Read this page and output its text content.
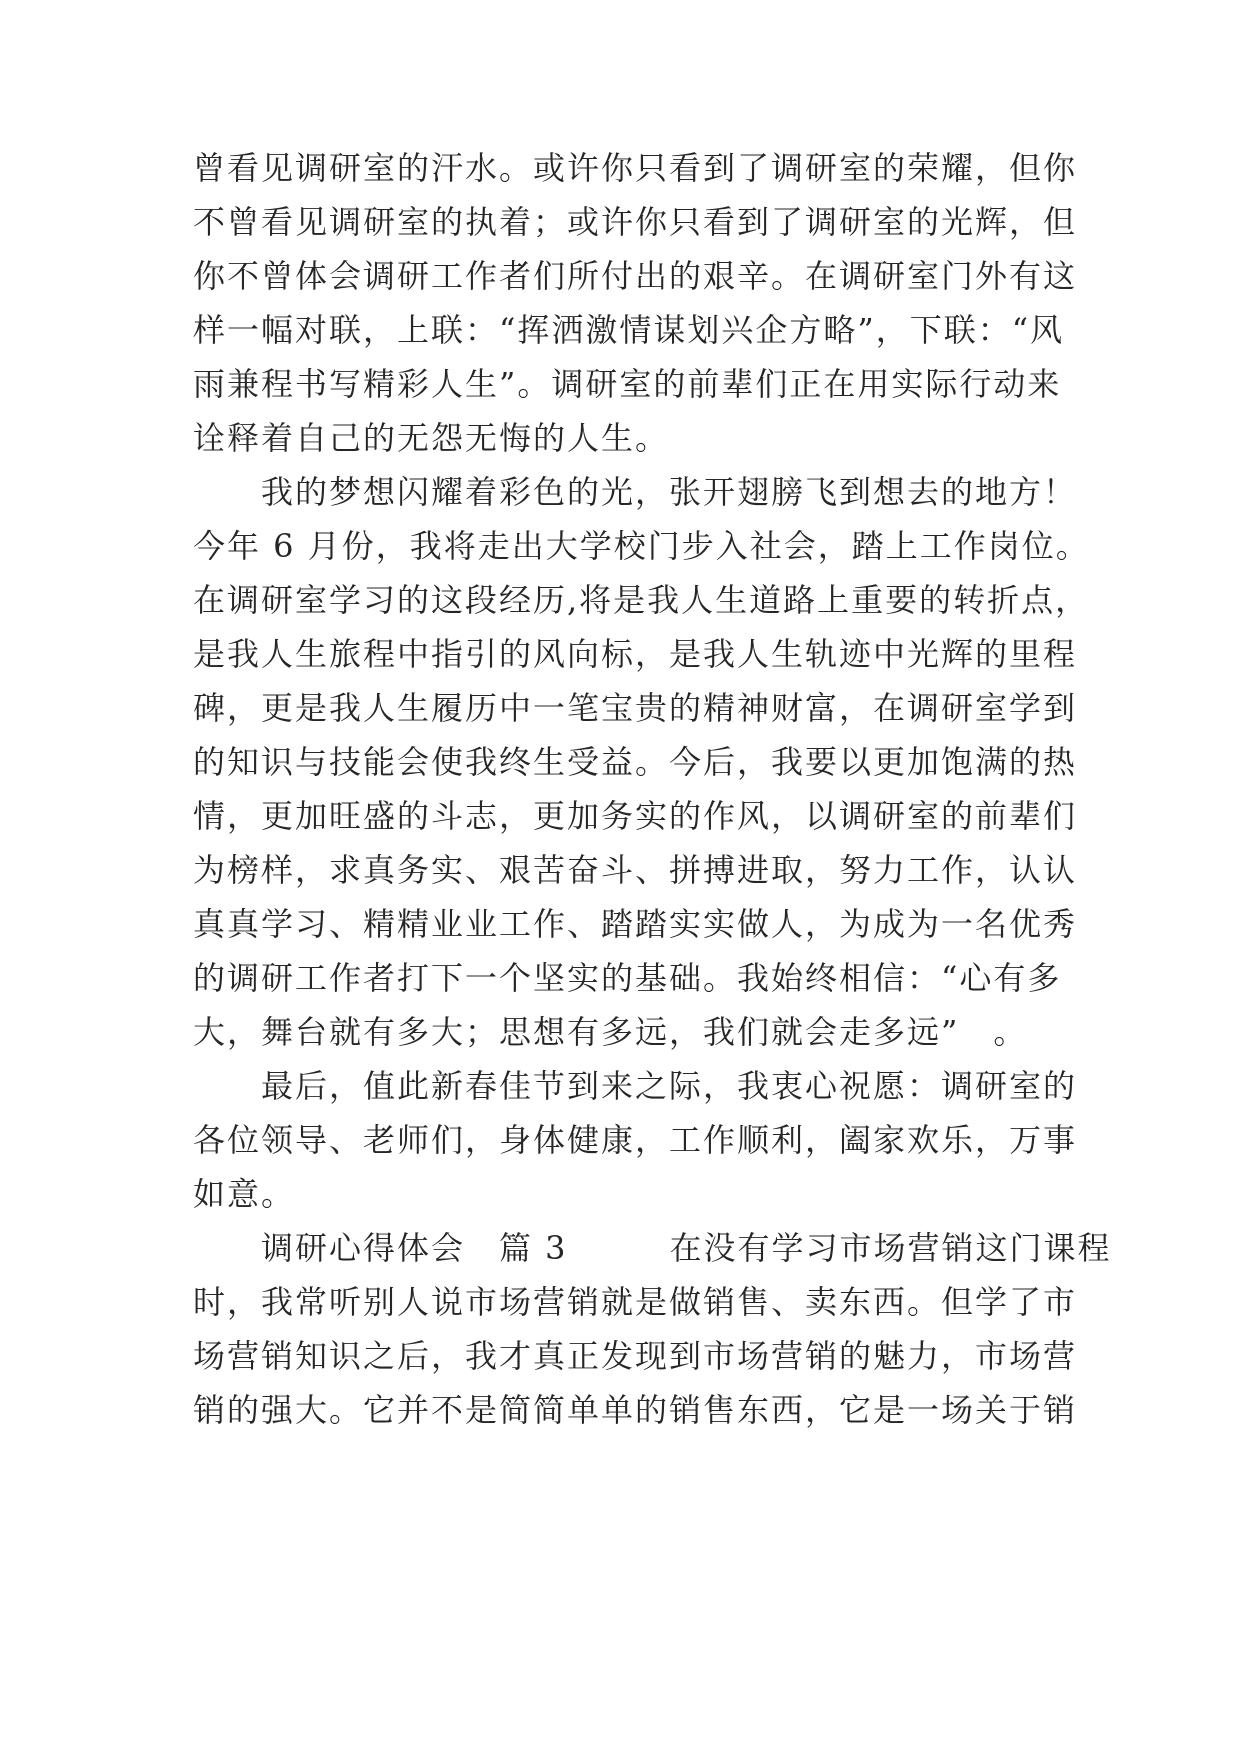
曾看见调研室的汗水。或许你只看到了调研室的荣耀，但你

不曾看见调研室的执着；或许你只看到了调研室的光辉，但

你不曾体会调研工作者们所付出的艰辛。在调研室门外有这

样一幅对联，上联：“挥洒激情谋划兴企方略”，下联：“风

雨兼程书写精彩人生”。调研室的前辈们正在用实际行动来

诠释着自己的无怨无悔的人生。

　　我的梦想闪耀着彩色的光，张开翅膀飞到想去的地方！

今年 6 月份，我将走出大学校门步入社会，踏上工作岗位。

在调研室学习的这段经历,将是我人生道路上重要的转折点，

是我人生旅程中指引的风向标，是我人生轨迹中光辉的里程

碑，更是我人生履历中一笔宝贵的精神财富，在调研室学到

的知识与技能会使我终生受益。今后，我要以更加饱满的热

情，更加旺盛的斗志，更加务实的作风，以调研室的前辈们

为榜样，求真务实、艰苦奋斗、拼搏进取，努力工作，认认

真真学习、精精业业工作、踏踏实实做人，为成为一名优秀

的调研工作者打下一个坚实的基础。我始终相信：“心有多

大，舞台就有多大；思想有多远，我们就会走多远”　。

　　最后，值此新春佳节到来之际，我衷心祝愿：调研室的

各位领导、老师们，身体健康，工作顺利，阖家欢乐，万事

如意。

　　调研心得体会　篇 3　　　在没有学习市场营销这门课程

时，我常听别人说市场营销就是做销售、卖东西。但学了市

场营销知识之后，我才真正发现到市场营销的魅力，市场营

销的强大。它并不是简简单单的销售东西，它是一场关于销
